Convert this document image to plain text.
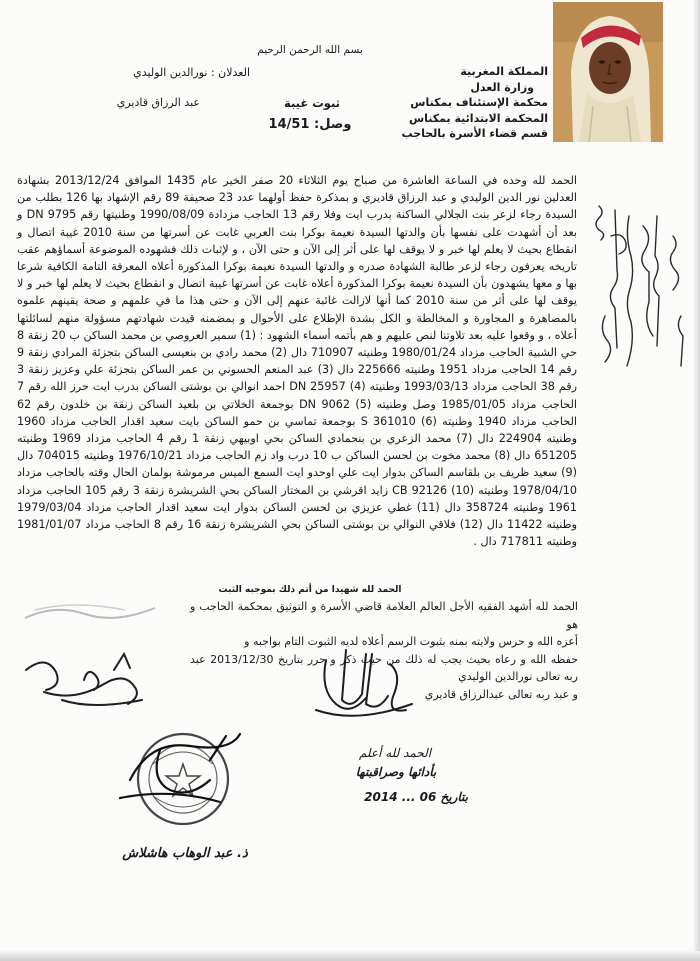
بسم الله الرحمن الرحيم
العدلان : نورالدين الوليدي
عبد الرزاق قاديري
المملكة المغربية
وزارة العدل
محكمة الإستئناف بمكناس
المحكمة الابتدائية بمكناس
قسم قضاء الأسرة بالحاجب
ثبوت غيبة
وصل: 14/51

الحمد لله وحده في الساعة العاشرة من صباح يوم الثلاثاء 20 صفر الخير عام 1435 الموافق 2013/12/24 بشهادة العدلين نور الدين الوليدي و عبد الرزاق قاديري و بمذكرة حفظ أولهما عدد 23 صحيفة 89 رقم الإشهاد بها 126 بطلب من السيدة رجاء لزعر بنت الجلالي الساكنة بدرب ايت وفلا رقم 13 الحاجب مزدادة 1990/08/09 وطنيتها رقم DN 9795 و بعد أن أشهدت على نفسها بأن والدتها السيدة نعيمة بوكرا بنت العربي غابت عن أسرتها من سنة 2010 غيبة اتصال و انقطاع بحيث لا يعلم لها خبر و لا يوقف لها على أثر إلى الآن و حتى الآن ، و لإثبات ذلك فشهوده الموضوعة أسماؤهم عقب تاريخه يعرفون رجاء لزعر طالبة الشهادة صدره و والدتها السيدة نعيمة بوكرا المذكورة أعلاه المعرفة التامة الكافية شرعا بها و معها يشهدون بأن السيدة نعيمة بوكرا المذكورة أعلاه غابت عن أسرتها غيبة اتصال و انقطاع بحيث لا يعلم لها خبر و لا يوقف لها على أثر من سنة 2010 كما أنها لازالت غائبة عنهم إلى الآن و حتى هذا ما في علمهم و صحة يقينهم علموه بالمصاهرة و المجاورة و المخالطة و الكل بشدة الإطلاع على الأحوال و بمضمنه قيدت شهادتهم مسؤولة منهم لسائلتها أعلاه ، و وقعوا عليه بعد تلاوتنا لنص عليهم و هم بأتمه أسماء الشهود : (1) سمير العروصي بن محمد الساكن ب 20 زنقة 8 حي الشبية الحاجب مزداد 1980/01/24 وطنيته 710907 دال (2) محمد رادي بن بنعيسى الساكن بتجزئة المرادي زنقة 9 رقم 14 الحاجب مزداد 1951 وطنيته 225666 دال (3) عبد المنعم الحسوني بن عمر الساكن بتجزئة علي وعزيز زنقة 3 رقم 38 الحاجب مزداد 1993/03/13 وطنيته DN 25957 (4) احمد انوالي بن بوشتى الساكن بدرب ايت حرز الله رقم 7 الحاجب مزداد 1985/01/05 وصل وطنيته DN 9062 (5) بوجمعة الخلاتي بن بلعيد الساكن زنقة بن خلدون رقم 62 الحاجب مزداد 1940 وطنيته S 361010 (6) بوجمعة تماسي بن حمو الساكن بايت سعيد اقدار الحاجب مزداد 1960 وطنيته 224904 دال (7) محمد الزعري بن بنحمادي الساكن بحي اوبيهي زنقة 1 رقم 4 الحاجب مزداد 1969 وطنيته 651205 دال (8) محمد مخوت بن لحسن الساكن ب 10 درب واد زم الحاجب مزداد 1976/10/21 وطنيته 704015 دال (9) سعيد ظريف بن بلقاسم الساكن بدوار ايت علي اوحدو ايت السمع الميس مرموشة بولمان الحال وقته بالحاجب مزداد 1978/04/10 وطنيته CB 92126 (10) زايد اقرشي بن المختار الساكن بحي الشريشرة زنقة 3 رقم 105 الحاجب مزداد 1961 وطنيته 358724 دال (11) غطي عزيزي بن لحسن الساكن بدوار ايت سعيد اقدار الحاجب مزداد 1979/03/04 وطنيته 11422 دال (12) فلاقي النوالي بن بوشتى الساكن بحي الشريشرة زنقة 16 رقم 8 الحاجب مزداد 1981/01/07 وطنيته 717811 دال .

الحمد لله شهيدا من أتم ذلك بموجبه الثبت

الحمد لله أشهد الفقيه الأجل العالم العلامة قاضي الأسرة و التوثيق بمحكمة الحاجب و هو

أعزه الله و حرس ولايته بمنه بثبوت الرسم أعلاه لديه الثبوت التام بواجبه و

حفظه الله و رعاه بحيث يجب له ذلك من حيث ذكر و حرر بتاريخ 2013/12/30 عبد ربه تعالى نورالدين الوليدي

و عبد ربه تعالى عبدالرزاق قاديري

الحمد لله أعلم
بأدائها وصراقبتها
بتاريخ 06 ... 2014
ذ. عبد الوهاب هاشلاش
